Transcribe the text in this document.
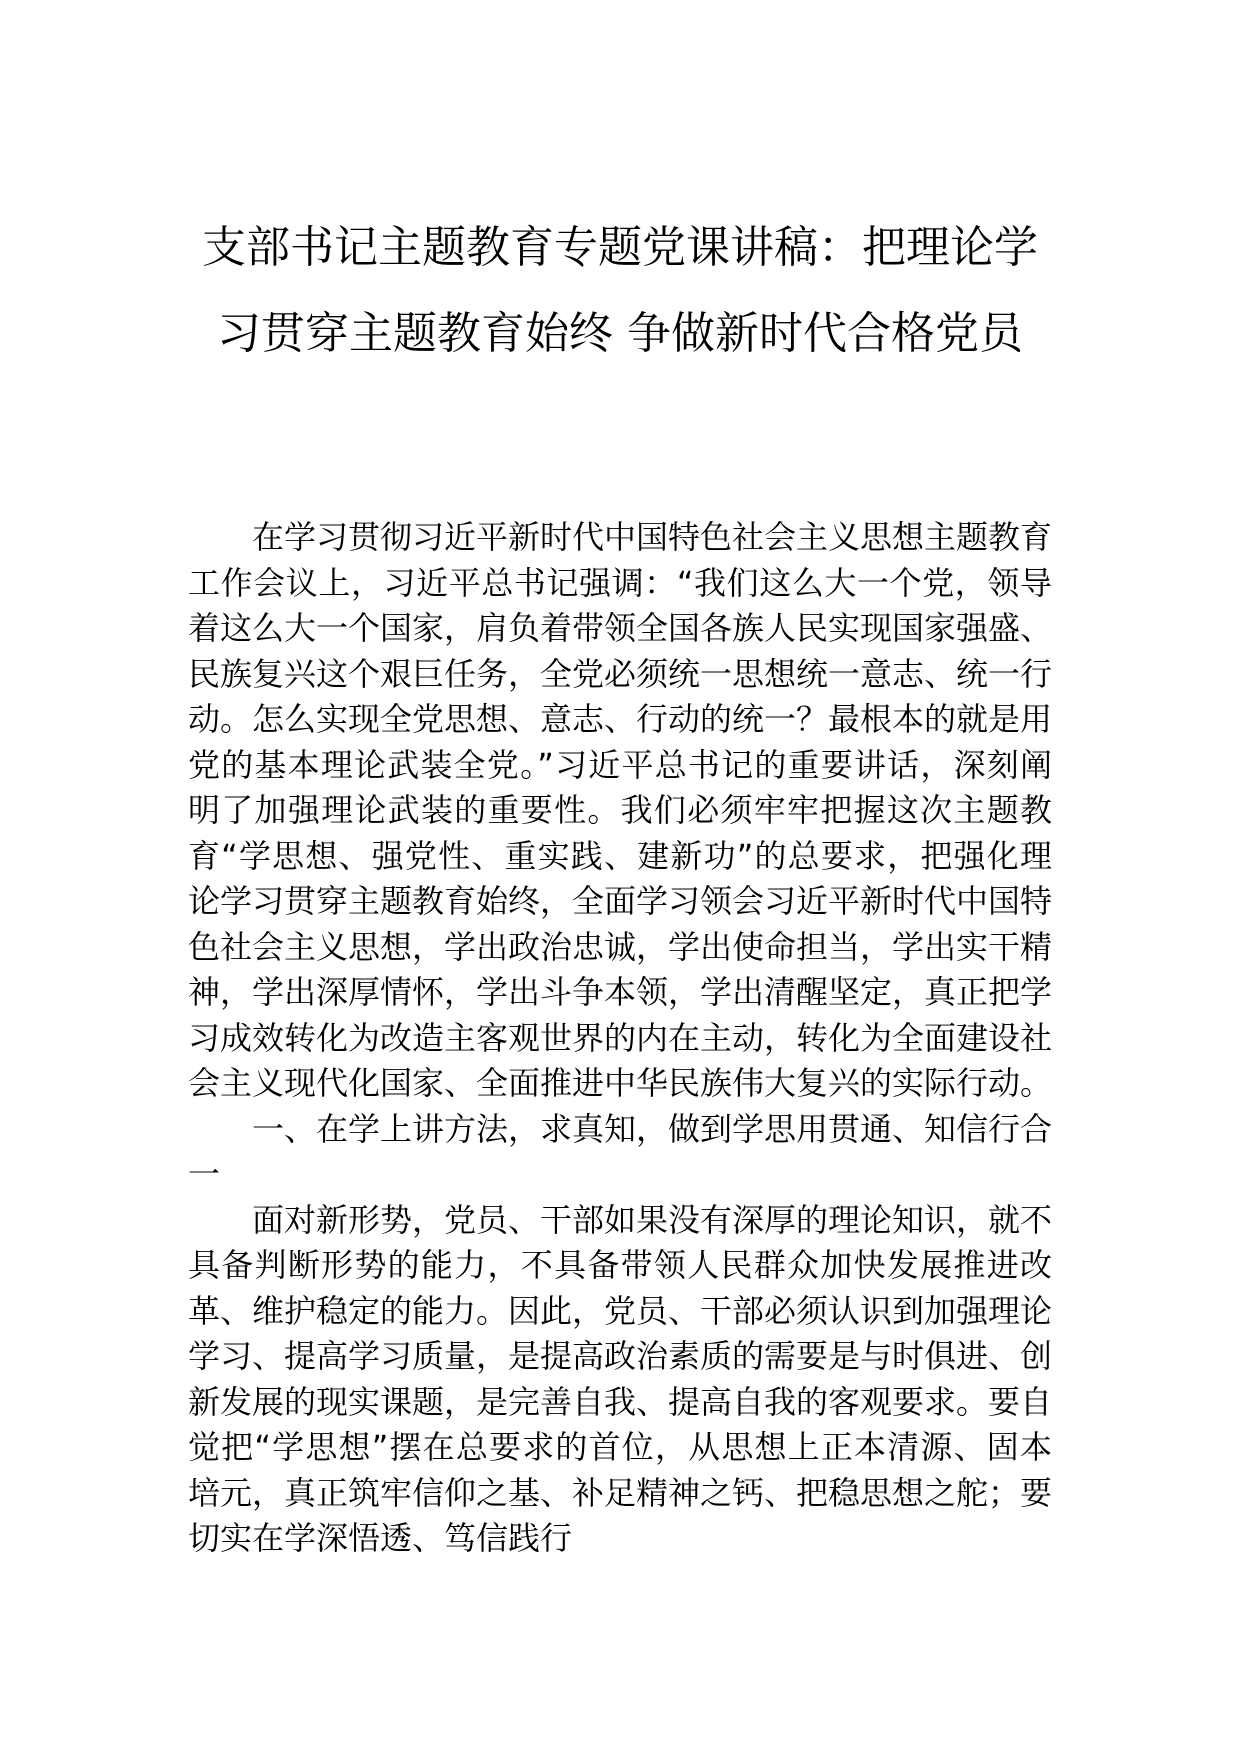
支部书记主题教育专题党课讲稿：把理论学习贯穿主题教育始终 争做新时代合格党员

在学习贯彻习近平新时代中国特色社会主义思想主题教育工作会议上，习近平总书记强调：“我们这么大一个党，领导着这么大一个国家，肩负着带领全国各族人民实现国家强盛、民族复兴这个艰巨任务，全党必须统一思想统一意志、统一行动。怎么实现全党思想、意志、行动的统一？最根本的就是用党的基本理论武装全党。”习近平总书记的重要讲话，深刻阐明了加强理论武装的重要性。我们必须牢牢把握这次主题教育“学思想、强党性、重实践、建新功”的总要求，把强化理论学习贯穿主题教育始终，全面学习领会习近平新时代中国特色社会主义思想，学出政治忠诚，学出使命担当，学出实干精神，学出深厚情怀，学出斗争本领，学出清醒坚定，真正把学习成效转化为改造主客观世界的内在主动，转化为全面建设社会主义现代化国家、全面推进中华民族伟大复兴的实际行动。

一、在学上讲方法，求真知，做到学思用贯通、知信行合一

面对新形势，党员、干部如果没有深厚的理论知识，就不具备判断形势的能力，不具备带领人民群众加快发展推进改革、维护稳定的能力。因此，党员、干部必须认识到加强理论学习、提高学习质量，是提高政治素质的需要是与时俱进、创新发展的现实课题，是完善自我、提高自我的客观要求。要自觉把“学思想”摆在总要求的首位，从思想上正本清源、固本培元，真正筑牢信仰之基、补足精神之钙、把稳思想之舵；要切实在学深悟透、笃信践行
